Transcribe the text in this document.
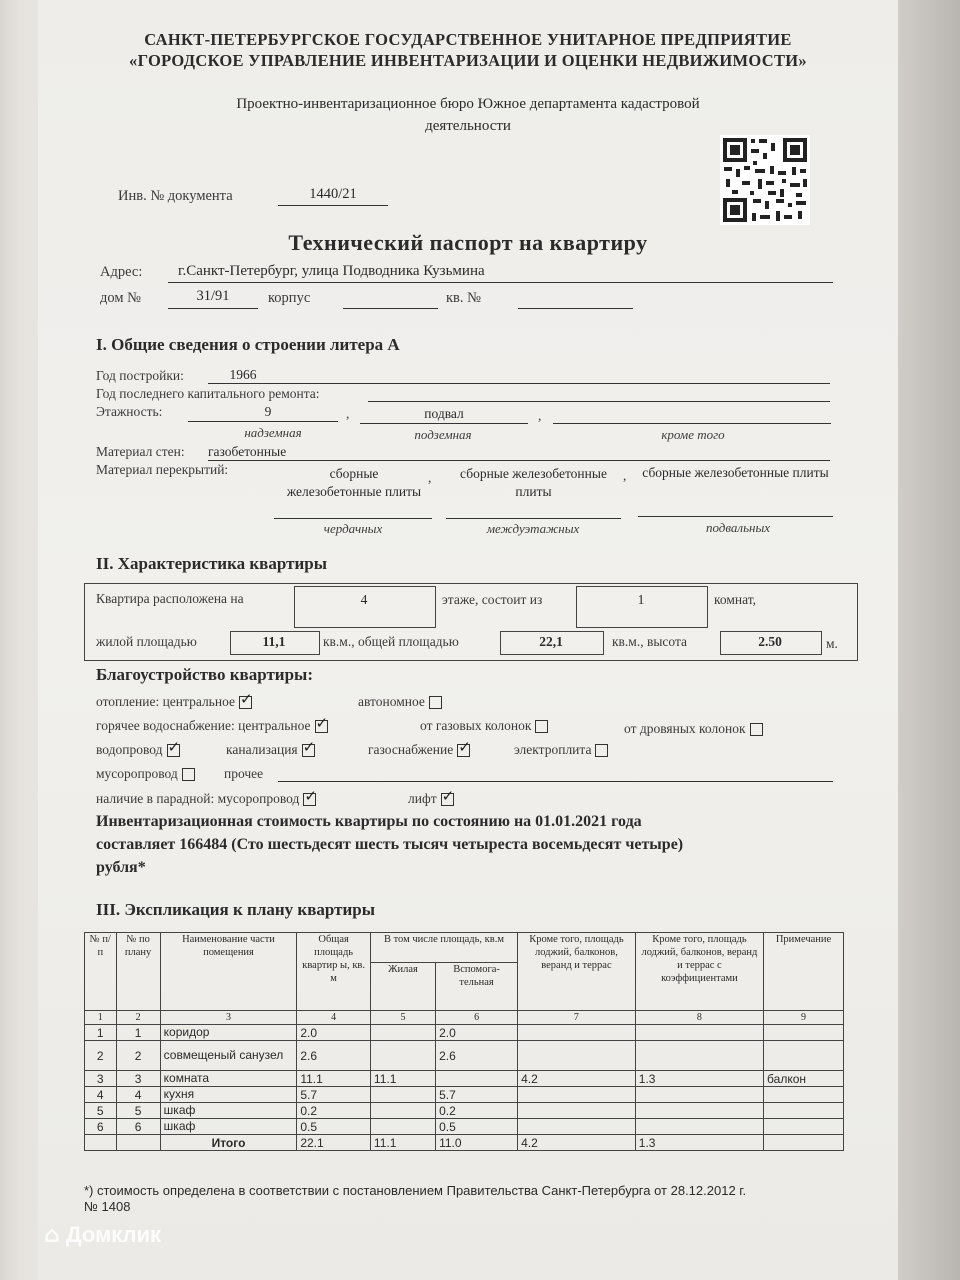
САНКТ-ПЕТЕРБУРГСКОЕ ГОСУДАРСТВЕННОЕ УНИТАРНОЕ ПРЕДПРИЯТИЕ
«ГОРОДСКОЕ УПРАВЛЕНИЕ ИНВЕНТАРИЗАЦИИ И ОЦЕНКИ НЕДВИЖИМОСТИ»
Проектно-инвентаризационное бюро Южное департамента кадастровой
деятельности
Инв. № документа	1440/21
Технический паспорт на квартиру
Адрес: г.Санкт-Петербург, улица Подводника Кузьмина
дом №	31/91	корпус	кв. №
I. Общие сведения о строении литера А
Год постройки:	1966
Год последнего капитального ремонта:
Этажность:	9	,	подвал	,
надземная	подземная	кроме того
Материал стен: газобетонные
Материал перекрытий:	сборные железобетонные плиты
,	сборные железобетонные плиты
,	сборные железобетонные плиты
чердачных	междуэтажных	подвальных
II. Характеристика квартиры
Квартира расположена на	4	этаже, состоит из	1	комнат,
жилой площадью	11,1	кв.м., общей площадью	22,1	кв.м., высота	2.50	м.
Благоустройство квартиры:
отопление: центральное ✓	автономное
горячее водоснабжение: центральное ✓	от газовых колонок	от дровяных колонок
водопровод ✓	канализация ✓	газоснабжение ✓	электроплита
мусоропровод	прочее
наличие в парадной: мусоропровод ✓	лифт✓
Инвентаризационная стоимость квартиры по состоянию на 01.01.2021 года
составляет 166484 (Сто шестьдесят шесть тысяч четыреста восемьдесят четыре)
рубля*
III. Экспликация к плану квартиры
№ п/п	№ по плану	Наименование части помещения	Общая площадь квартир ы, кв. м	В том числе площадь, кв.м		Кроме того, площадь лоджий, балконов, веранд и террас	Кроме того, площадь лоджий, балконов, веранд и террас с коэффициентами	Примечание
				Жилая	Вспомога-тельная			
1	2	3	4	5	6	7	8	9
1	1	коридор	2.0		2.0			
2	2	совмещеный санузел	2.6		2.6			
3	3	комната	11.1	11.1		4.2	1.3	балкон
4	4	кухня	5.7		5.7			
5	5	шкаф	0.2		0.2			
6	6	шкаф	0.5		0.5			
		Итого	22.1	11.1	11.0	4.2	1.3	
*) стоимость определена в соответствии с постановлением Правительства Санкт-Петербурга от 28.12.2012 г.
№ 1408
⌂ Домклик
